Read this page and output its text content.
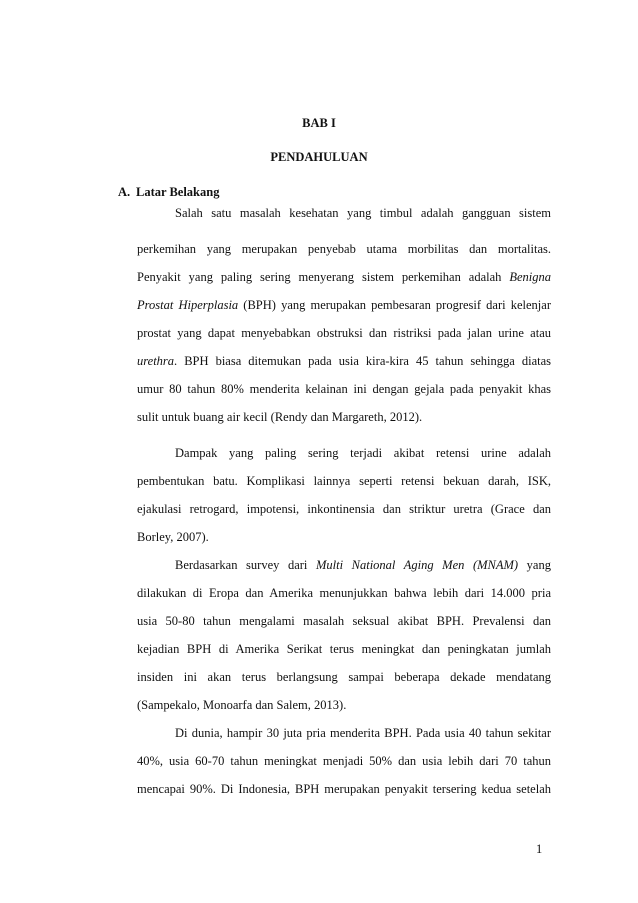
BAB I
PENDAHULUAN
A. Latar Belakang
Salah satu masalah kesehatan yang timbul adalah gangguan sistem
perkemihan yang merupakan penyebab utama morbilitas dan mortalitas.
Penyakit yang paling sering menyerang sistem perkemihan adalah Benigna
Prostat Hiperplasia (BPH) yang merupakan pembesaran progresif dari kelenjar
prostat yang dapat menyebabkan obstruksi dan ristriksi pada jalan urine atau
urethra. BPH biasa ditemukan pada usia kira-kira 45 tahun sehingga diatas
umur 80 tahun 80% menderita kelainan ini dengan gejala pada penyakit khas
sulit untuk buang air kecil (Rendy dan Margareth, 2012).
Dampak yang paling sering terjadi akibat retensi urine adalah
pembentukan batu. Komplikasi lainnya seperti retensi bekuan darah, ISK,
ejakulasi retrogard, impotensi, inkontinensia dan striktur uretra (Grace dan
Borley, 2007).
Berdasarkan survey dari Multi National Aging Men (MNAM) yang
dilakukan di Eropa dan Amerika menunjukkan bahwa lebih dari 14.000 pria
usia 50-80 tahun mengalami masalah seksual akibat BPH. Prevalensi dan
kejadian BPH di Amerika Serikat terus meningkat dan peningkatan jumlah
insiden ini akan terus berlangsung sampai beberapa dekade mendatang
(Sampekalo, Monoarfa dan Salem, 2013).
Di dunia, hampir 30 juta pria menderita BPH. Pada usia 40 tahun sekitar
40%, usia 60-70 tahun meningkat menjadi 50% dan usia lebih dari 70 tahun
mencapai 90%. Di Indonesia, BPH merupakan penyakit tersering kedua setelah
1
